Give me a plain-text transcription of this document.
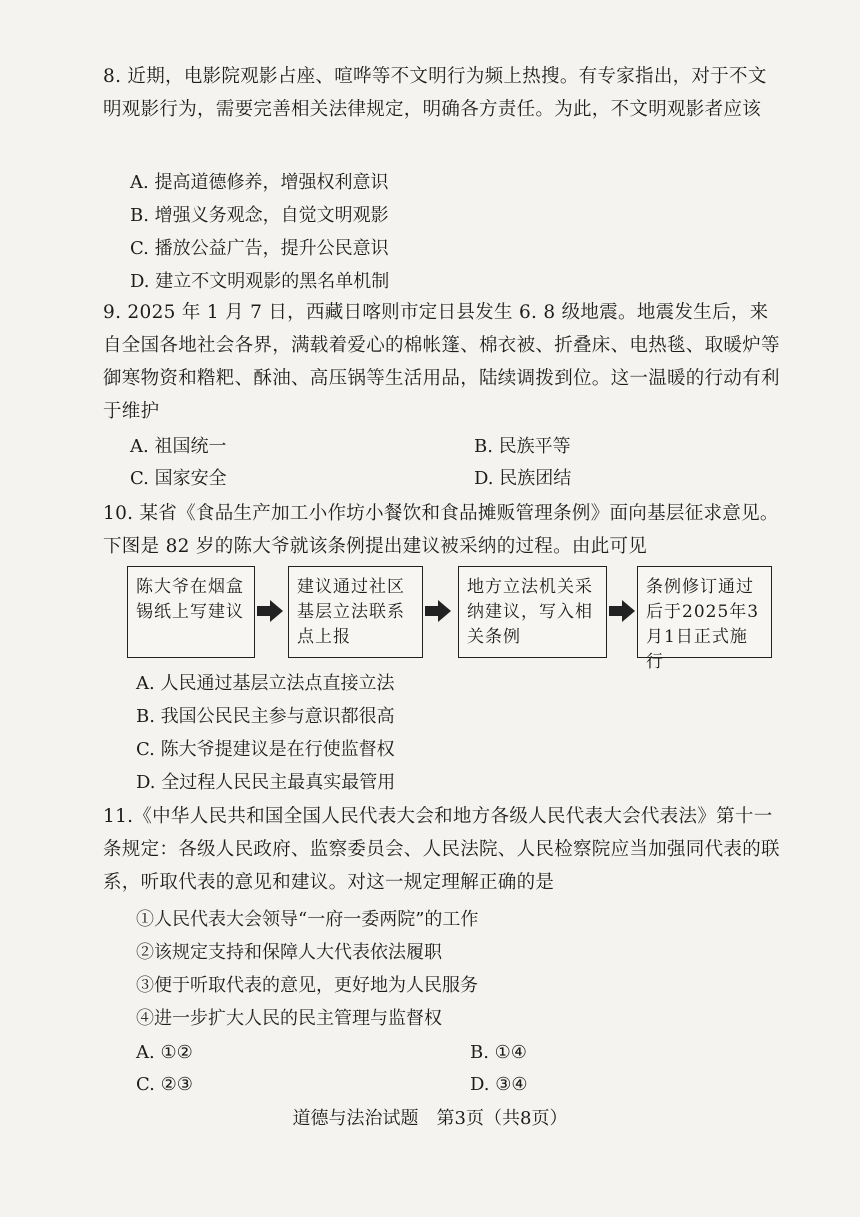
8. 近期，电影院观影占座、喧哗等不文明行为频上热搜。有专家指出，对于不文明观影行为，需要完善相关法律规定，明确各方责任。为此，不文明观影者应该
A. 提高道德修养，增强权利意识
B. 增强义务观念，自觉文明观影
C. 播放公益广告，提升公民意识
D. 建立不文明观影的黑名单机制
9. 2025 年 1 月 7 日，西藏日喀则市定日县发生 6. 8 级地震。地震发生后，来自全国各地社会各界，满载着爱心的棉帐篷、棉衣被、折叠床、电热毯、取暖炉等御寒物资和糌粑、酥油、高压锅等生活用品，陆续调拨到位。这一温暖的行动有利于维护
A. 祖国统一	B. 民族平等
C. 国家安全	D. 民族团结
10. 某省《食品生产加工小作坊小餐饮和食品摊贩管理条例》面向基层征求意见。下图是 82 岁的陈大爷就该条例提出建议被采纳的过程。由此可见
陈大爷在烟盒锡纸上写建议
建议通过社区基层立法联系点上报
地方立法机关采纳建议，写入相关条例
条例修订通过后于2025年3月1日正式施行
A. 人民通过基层立法点直接立法
B. 我国公民民主参与意识都很高
C. 陈大爷提建议是在行使监督权
D. 全过程人民民主最真实最管用
11.《中华人民共和国全国人民代表大会和地方各级人民代表大会代表法》第十一条规定：各级人民政府、监察委员会、人民法院、人民检察院应当加强同代表的联系，听取代表的意见和建议。对这一规定理解正确的是
①人民代表大会领导“一府一委两院”的工作
②该规定支持和保障人大代表依法履职
③便于听取代表的意见，更好地为人民服务
④进一步扩大人民的民主管理与监督权
A. ①②	B. ①④
C. ②③	D. ③④
道德与法治试题　第3页（共8页）
